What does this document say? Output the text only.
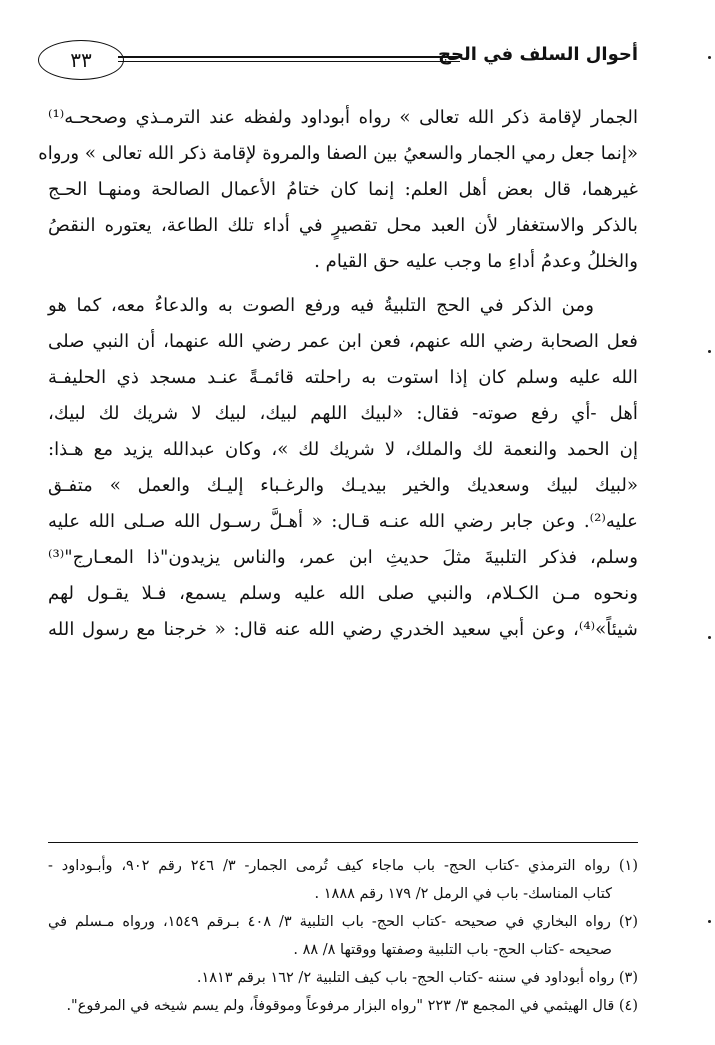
أحوال السلف في الحج
٣٣
الجمار لإقامة ذكر الله تعالى » رواه أبوداود ولفظه عند الترمـذي وصححـه⁽¹⁾
«إنما جعل رمي الجمار والسعيُ بين الصفا والمروة لإقامة ذكر الله تعالى » ورواه
غيرهما، قال بعض أهل العلم: إنما كان ختامُ الأعمال الصالحة ومنهـا الحـج
بالذكر والاستغفار لأن العبد محل تقصيرٍ في أداء تلك الطاعة، يعتوره النقصُ
والخللُ وعدمُ أداءِ ما وجب عليه حق القيام .
ومن الذكر في الحج التلبيةُ فيه ورفع الصوت به والدعاءُ معه، كما هو
فعل الصحابة رضي الله عنهم، فعن ابن عمر رضي الله عنهما، أن النبي صلى
الله عليه وسلم كان إذا استوت به راحلته قائمـةً عنـد مسجد ذي الحليفـة
أهل -أي رفع صوته- فقال: «لبيك اللهم لبيك، لبيك لا شريك لك لبيك،
إن الحمد والنعمة لك والملك، لا شريك لك »، وكان عبدالله يزيد مع هـذا:
«لبيك لبيك وسعديك والخير بيديـك والرغـباء إليـك والعمل » متفـق
عليه⁽²⁾. وعن جابر رضي الله عنـه قـال: « أهـلَّ رسـول الله صـلى الله عليه
وسلم، فذكر التلبيةَ مثلَ حديثِ ابن عمر، والناس يزيدون"ذا المعـارج"⁽³⁾
ونحوه مـن الكـلام، والنبي صلى الله عليه وسلم يسمع، فـلا يقـول لهم
شيئاً»⁽⁴⁾، وعن أبي سعيد الخدري رضي الله عنه قال: « خرجنا مع رسول الله
(١) رواه الترمذي -كتاب الحج- باب ماجاء كيف تُرمى الجمار- ٣/ ٢٤٦ رقم ٩٠٢، وأبـوداود -
كتاب المناسك- باب في الرمل ٢/ ١٧٩ رقم ١٨٨٨ .
(٢) رواه البخاري في صحيحه -كتاب الحج- باب التلبية ٣/ ٤٠٨ بـرقم ١٥٤٩، ورواه مـسلم في
صحيحه -كتاب الحج- باب التلبية وصفتها ووقتها ٨/ ٨٨ .
(٣) رواه أبوداود في سننه -كتاب الحج- باب كيف التلبية ٢/ ١٦٢ برقم ١٨١٣.
(٤) قال الهيثمي في المجمع ٣/ ٢٢٣ "رواه البزار مرفوعاً وموقوفاً، ولم يسم شيخه في المرفوع".
